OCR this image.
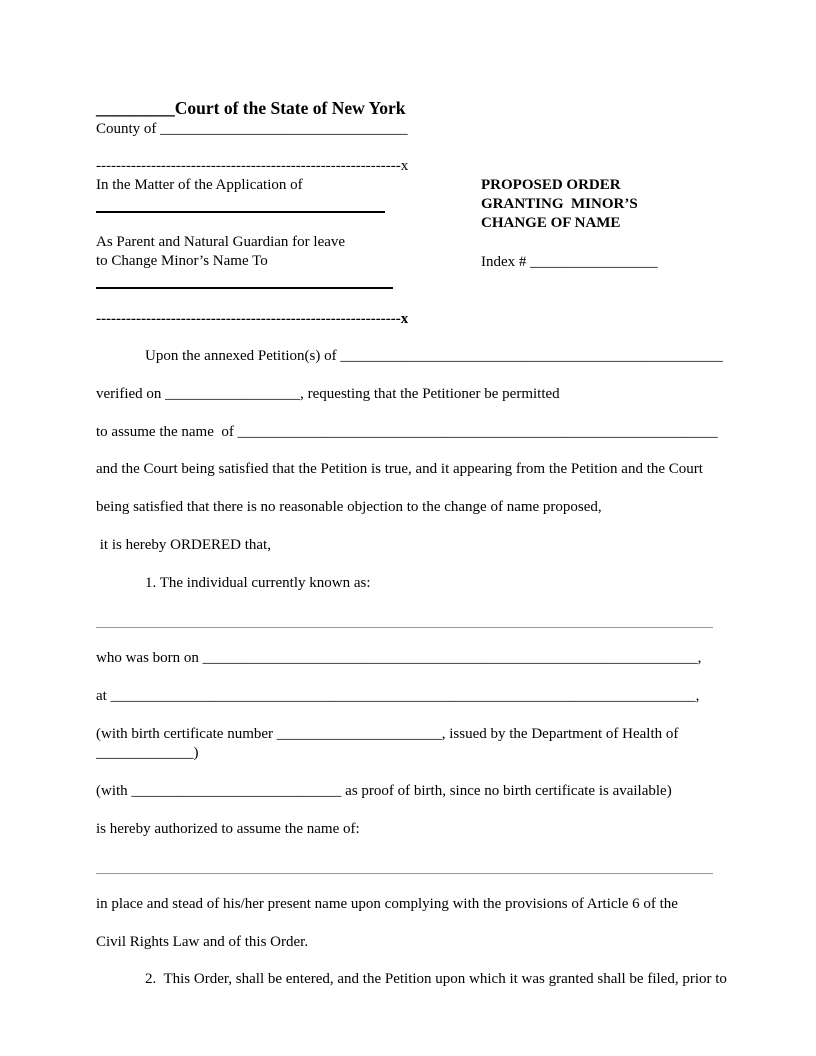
_________Court of the State of New York
County of _________________________________
-------------------------------------------------------------x
In the Matter of the Application of
As Parent and Natural Guardian for leave
to Change Minor’s Name To
-------------------------------------------------------------x
PROPOSED ORDER
GRANTING  MINOR’S
CHANGE OF NAME
Index # _________________
Upon the annexed Petition(s) of ___________________________________________________
verified on __________________, requesting that the Petitioner be permitted
to assume the name  of ________________________________________________________________
and the Court being satisfied that the Petition is true, and it appearing from the Petition and the Court
being satisfied that there is no reasonable objection to the change of name proposed,
it is hereby ORDERED that,
1. The individual currently known as:
who was born on __________________________________________________________________,
at ______________________________________________________________________________,
(with birth certificate number ______________________, issued by the Department of Health of
_____________)
(with ____________________________ as proof of birth, since no birth certificate is available)
is hereby authorized to assume the name of:
in place and stead of his/her present name upon complying with the provisions of Article 6 of the
Civil Rights Law and of this Order.
2.  This Order, shall be entered, and the Petition upon which it was granted shall be filed, prior to
